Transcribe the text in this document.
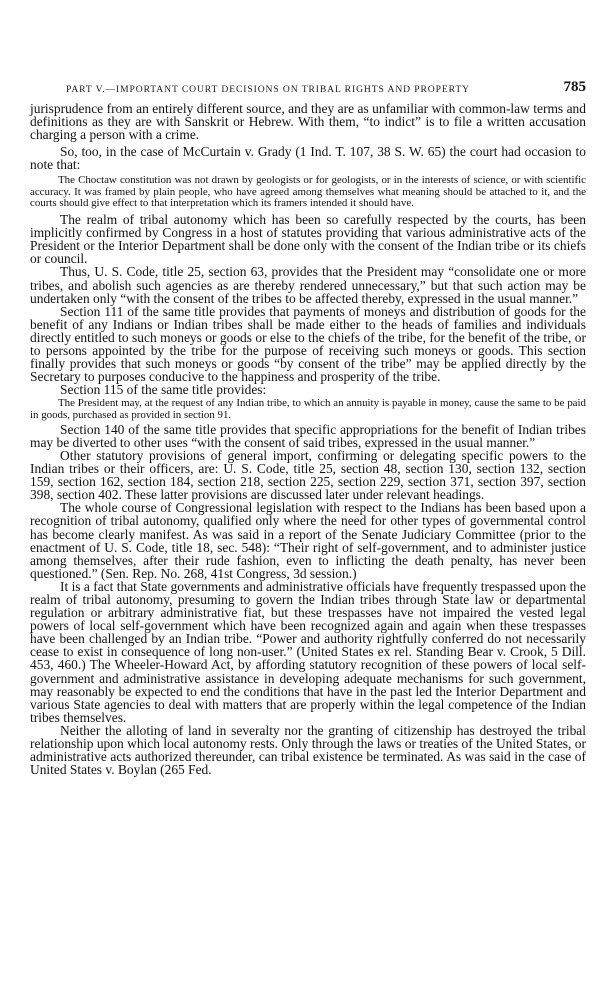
PART V.—IMPORTANT COURT DECISIONS ON TRIBAL RIGHTS AND PROPERTY	785

jurisprudence from an entirely different source, and they are as unfamiliar with common-law terms and definitions as they are with Sanskrit or Hebrew. With them, “to indict” is to file a written accusation charging a person with a crime.

So, too, in the case of McCurtain v. Grady (1 Ind. T. 107, 38 S. W. 65) the court had occasion to note that:

The Choctaw constitution was not drawn by geologists or for geologists, or in the interests of science, or with scientific accuracy. It was framed by plain people, who have agreed among themselves what meaning should be attached to it, and the courts should give effect to that interpretation which its framers intended it should have.

The realm of tribal autonomy which has been so carefully respected by the courts, has been implicitly confirmed by Congress in a host of statutes providing that various administrative acts of the President or the Interior Department shall be done only with the consent of the Indian tribe or its chiefs or council.

Thus, U. S. Code, title 25, section 63, provides that the President may “consolidate one or more tribes, and abolish such agencies as are thereby rendered unnecessary,” but that such action may be undertaken only “with the consent of the tribes to be affected thereby, expressed in the usual manner.”

Section 111 of the same title provides that payments of moneys and distribution of goods for the benefit of any Indians or Indian tribes shall be made either to the heads of families and individuals directly entitled to such moneys or goods or else to the chiefs of the tribe, for the benefit of the tribe, or to persons appointed by the tribe for the purpose of receiving such moneys or goods. This section finally provides that such moneys or goods “by consent of the tribe” may be applied directly by the Secretary to purposes conducive to the happiness and prosperity of the tribe.

Section 115 of the same title provides:

The President may, at the request of any Indian tribe, to which an annuity is payable in money, cause the same to be paid in goods, purchased as provided in section 91.

Section 140 of the same title provides that specific appropriations for the benefit of Indian tribes may be diverted to other uses “with the consent of said tribes, expressed in the usual manner.”

Other statutory provisions of general import, confirming or delegating specific powers to the Indian tribes or their officers, are: U. S. Code, title 25, section 48, section 130, section 132, section 159, section 162, section 184, section 218, section 225, section 229, section 371, section 397, section 398, section 402. These latter provisions are discussed later under relevant headings.

The whole course of Congressional legislation with respect to the Indians has been based upon a recognition of tribal autonomy, qualified only where the need for other types of governmental control has become clearly manifest. As was said in a report of the Senate Judiciary Committee (prior to the enactment of U. S. Code, title 18, sec. 548): “Their right of self-government, and to administer justice among themselves, after their rude fashion, even to inflicting the death penalty, has never been questioned.” (Sen. Rep. No. 268, 41st Congress, 3d session.)

It is a fact that State governments and administrative officials have frequently trespassed upon the realm of tribal autonomy, presuming to govern the Indian tribes through State law or departmental regulation or arbitrary administrative fiat, but these trespasses have not impaired the vested legal powers of local self-government which have been recognized again and again when these trespasses have been challenged by an Indian tribe. “Power and authority rightfully conferred do not necessarily cease to exist in consequence of long non-user.” (United States ex rel. Standing Bear v. Crook, 5 Dill. 453, 460.) The Wheeler-Howard Act, by affording statutory recognition of these powers of local self-government and administrative assistance in developing adequate mechanisms for such government, may reasonably be expected to end the conditions that have in the past led the Interior Department and various State agencies to deal with matters that are properly within the legal competence of the Indian tribes themselves.

Neither the alloting of land in severalty nor the granting of citizenship has destroyed the tribal relationship upon which local autonomy rests. Only through the laws or treaties of the United States, or administrative acts authorized thereunder, can tribal existence be terminated. As was said in the case of United States v. Boylan (265 Fed.
